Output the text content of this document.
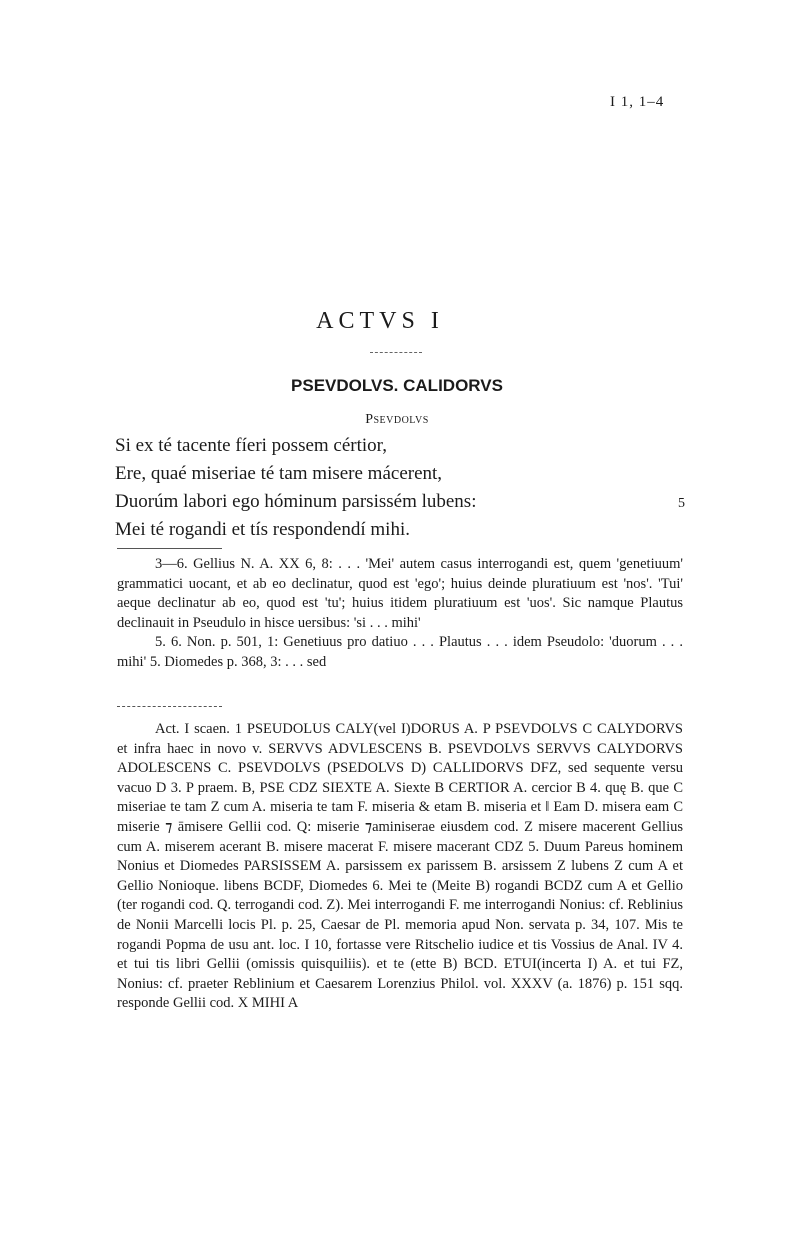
I 1, 1–4
ACTVS I
PSEVDOLVS. CALIDORVS
Psevdolvs
Si ex té tacente fíeri possem cértior,
Ere, quaé miseriae té tam misere mácerent,
Duorúm labori ego hóminum parsissém lubens:	5
Mei té rogandi et tís respondendí mihi.

3—6. Gellius N. A. XX 6, 8: . . . 'Mei' autem casus interrogandi est, quem 'genetiuum' grammatici uocant, et ab eo declinatur, quod est 'ego'; huius deinde pluratiuum est 'nos'. 'Tui' aeque declinatur ab eo, quod est 'tu'; huius itidem pluratiuum est 'uos'. Sic namque Plautus declinauit in Pseudulo in hisce uersibus: 'si . . . mihi'

5. 6. Non. p. 501, 1: Genetiuus pro datiuo . . . Plautus . . . idem Pseudolo: 'duorum . . . mihi' 5. Diomedes p. 368, 3: . . . sed

Act. I scaen. 1 PSEUDOLUS CALY(vel I)DORUS A. P PSEVDOLVS C CALYDORVS et infra haec in novo v. SERVVS ADVLESCENS B. PSEVDOLVS SERVVS CALYDORVS ADOLESCENS C. PSEVDOLVS (PSEDOLVS D) CALLIDORVS DFZ, sed sequente versu vacuo D 3. P praem. B, PSE CDZ SIEXTE A. Siexte B CERTIOR A. cercior B 4. quę B. que C miseriae te tam Z cum A. miseria te tam F. miseria & etam B. miseria et ‖ Eam D. misera eam C miserie ⁊ āmisere Gellii cod. Q: miserie ⁊aminiserae eiusdem cod. Z misere macerent Gellius cum A. miserem acerant B. misere macerat F. misere macerant CDZ 5. Duum Pareus hominem Nonius et Diomedes PARSISSEM A. parsissem ex parissem B. arsissem Z lubens Z cum A et Gellio Nonioque. libens BCDF, Diomedes 6. Mei te (Meite B) rogandi BCDZ cum A et Gellio (ter rogandi cod. Q. terrogandi cod. Z). Mei interrogandi F. me interrogandi Nonius: cf. Reblinius de Nonii Marcelli locis Pl. p. 25, Caesar de Pl. memoria apud Non. servata p. 34, 107. Mis te rogandi Popma de usu ant. loc. I 10, fortasse vere Ritschelio iudice et tis Vossius de Anal. IV 4. et tui tis libri Gellii (omissis quisquiliis). et te (ette B) BCD. ETUI(incerta I) A. et tui FZ, Nonius: cf. praeter Reblinium et Caesarem Lorenzius Philol. vol. XXXV (a. 1876) p. 151 sqq. responde Gellii cod. X MIHI A
